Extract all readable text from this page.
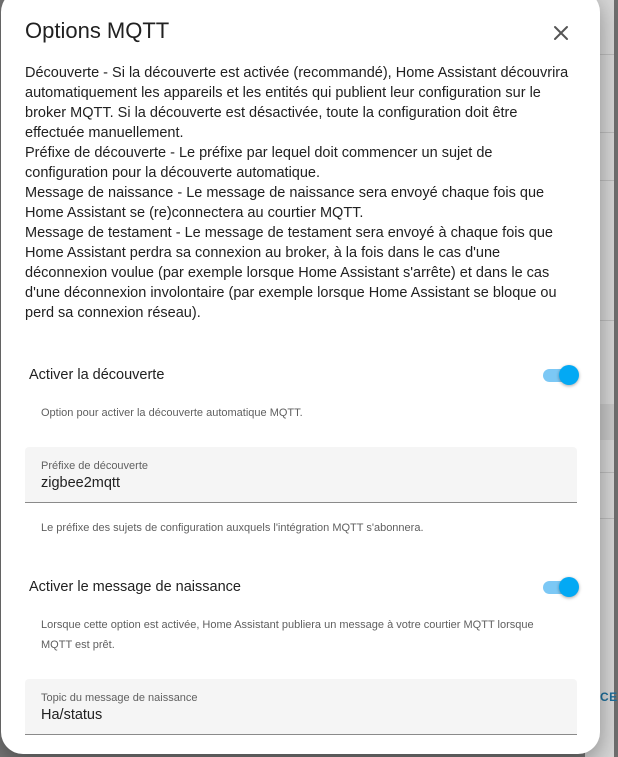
CE
Options MQTT

Découverte - Si la découverte est activée (recommandé), Home Assistant découvrira automatiquement les appareils et les entités qui publient leur configuration sur le broker MQTT. Si la découverte est désactivée, toute la configuration doit être effectuée manuellement.

Préfixe de découverte - Le préfixe par lequel doit commencer un sujet de configuration pour la découverte automatique.

Message de naissance - Le message de naissance sera envoyé chaque fois que Home Assistant se (re)connectera au courtier MQTT.

Message de testament - Le message de testament sera envoyé à chaque fois que Home Assistant perdra sa connexion au broker, à la fois dans le cas d'une déconnexion voulue (par exemple lorsque Home Assistant s'arrête) et dans le cas d'une déconnexion involontaire (par exemple lorsque Home Assistant se bloque ou perd sa connexion réseau).

Activer la découverte
Option pour activer la découverte automatique MQTT.
Préfixe de découverte
zigbee2mqtt
Le préfixe des sujets de configuration auxquels l'intégration MQTT s'abonnera.
Activer le message de naissance
Lorsque cette option est activée, Home Assistant publiera un message à votre courtier MQTT lorsque MQTT est prêt.
Topic du message de naissance
Ha/status
